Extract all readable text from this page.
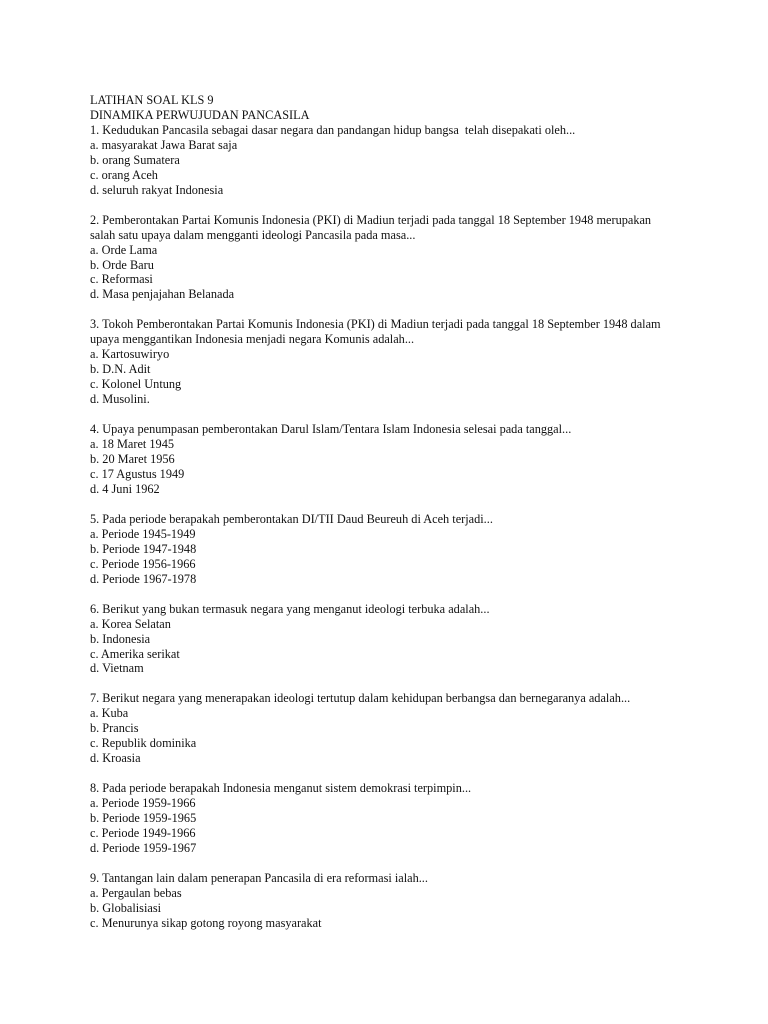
LATIHAN SOAL KLS 9

DINAMIKA PERWUJUDAN PANCASILA

1. Kedudukan Pancasila sebagai dasar negara dan pandangan hidup bangsa  telah disepakati oleh...

a. masyarakat Jawa Barat saja

b. orang Sumatera

c. orang Aceh

d. seluruh rakyat Indonesia

2. Pemberontakan Partai Komunis Indonesia (PKI) di Madiun terjadi pada tanggal 18 September 1948 merupakan

salah satu upaya dalam mengganti ideologi Pancasila pada masa...

a. Orde Lama

b. Orde Baru

c. Reformasi

d. Masa penjajahan Belanada

3. Tokoh Pemberontakan Partai Komunis Indonesia (PKI) di Madiun terjadi pada tanggal 18 September 1948 dalam

upaya menggantikan Indonesia menjadi negara Komunis adalah...

a. Kartosuwiryo

b. D.N. Adit

c. Kolonel Untung

d. Musolini.

4. Upaya penumpasan pemberontakan Darul Islam/Tentara Islam Indonesia selesai pada tanggal...

a. 18 Maret 1945

b. 20 Maret 1956

c. 17 Agustus 1949

d. 4 Juni 1962

5. Pada periode berapakah pemberontakan DI/TII Daud Beureuh di Aceh terjadi...

a. Periode 1945-1949

b. Periode 1947-1948

c. Periode 1956-1966

d. Periode 1967-1978

6. Berikut yang bukan termasuk negara yang menganut ideologi terbuka adalah...

a. Korea Selatan

b. Indonesia

c. Amerika serikat

d. Vietnam

7. Berikut negara yang menerapakan ideologi tertutup dalam kehidupan berbangsa dan bernegaranya adalah...

a. Kuba

b. Prancis

c. Republik dominika

d. Kroasia

8. Pada periode berapakah Indonesia menganut sistem demokrasi terpimpin...

a. Periode 1959-1966

b. Periode 1959-1965

c. Periode 1949-1966

d. Periode 1959-1967

9. Tantangan lain dalam penerapan Pancasila di era reformasi ialah...

a. Pergaulan bebas

b. Globalisiasi

c. Menurunya sikap gotong royong masyarakat
